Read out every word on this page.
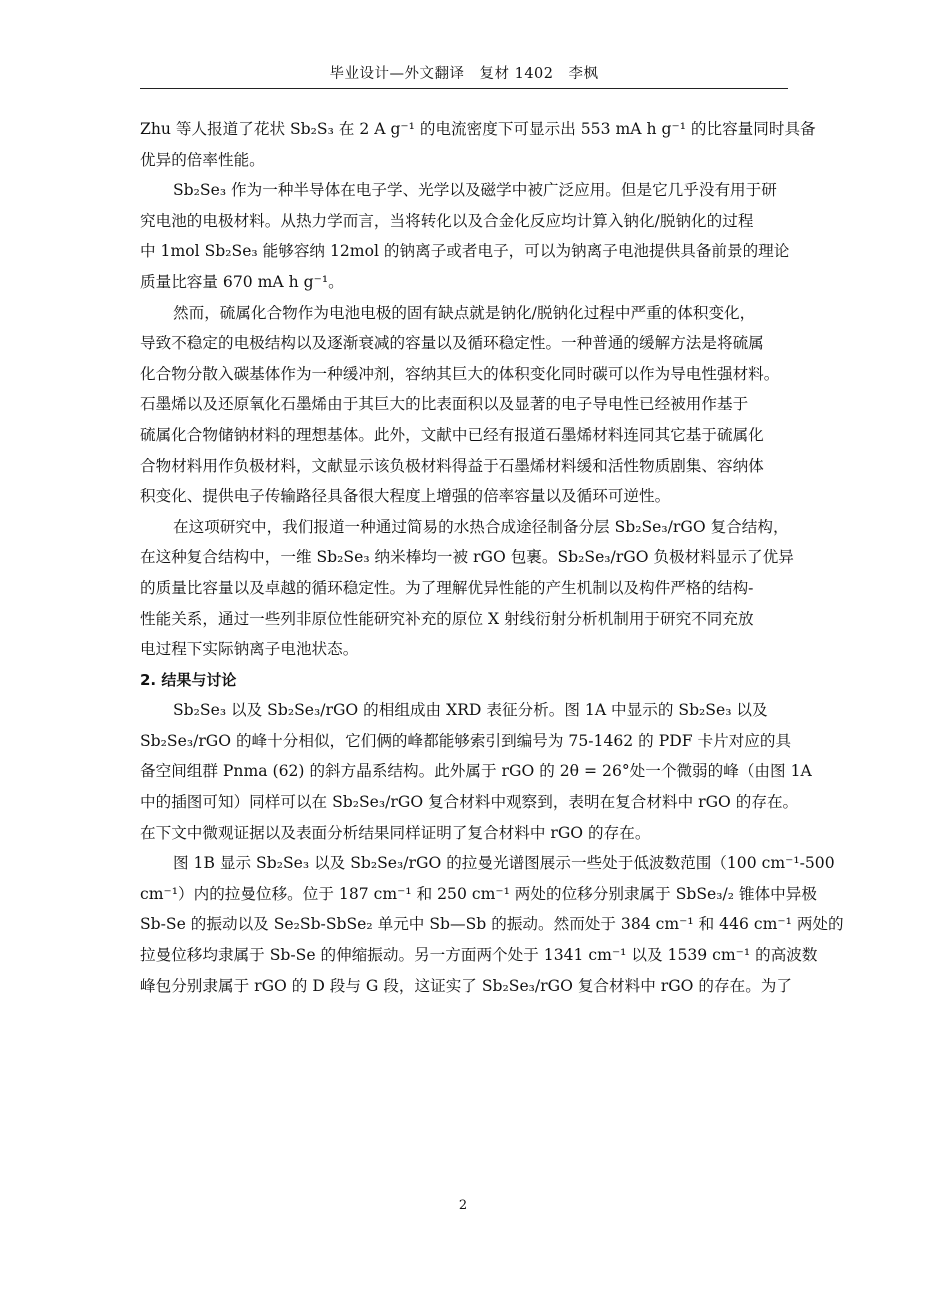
毕业设计—外文翻译　复材 1402　李枫
Zhu 等人报道了花状 Sb₂S₃ 在 2 A g⁻¹ 的电流密度下可显示出 553 mA h g⁻¹ 的比容量同时具备
优异的倍率性能。
Sb₂Se₃ 作为一种半导体在电子学、光学以及磁学中被广泛应用。但是它几乎没有用于研
究电池的电极材料。从热力学而言，当将转化以及合金化反应均计算入钠化/脱钠化的过程
中 1mol Sb₂Se₃ 能够容纳 12mol 的钠离子或者电子，可以为钠离子电池提供具备前景的理论
质量比容量 670 mA h g⁻¹。
然而，硫属化合物作为电池电极的固有缺点就是钠化/脱钠化过程中严重的体积变化，
导致不稳定的电极结构以及逐渐衰减的容量以及循环稳定性。一种普通的缓解方法是将硫属
化合物分散入碳基体作为一种缓冲剂，容纳其巨大的体积变化同时碳可以作为导电性强材料。
石墨烯以及还原氧化石墨烯由于其巨大的比表面积以及显著的电子导电性已经被用作基于
硫属化合物储钠材料的理想基体。此外，文献中已经有报道石墨烯材料连同其它基于硫属化
合物材料用作负极材料，文献显示该负极材料得益于石墨烯材料缓和活性物质剧集、容纳体
积变化、提供电子传输路径具备很大程度上增强的倍率容量以及循环可逆性。
在这项研究中，我们报道一种通过简易的水热合成途径制备分层 Sb₂Se₃/rGO 复合结构，
在这种复合结构中，一维 Sb₂Se₃ 纳米棒均一被 rGO 包裹。Sb₂Se₃/rGO 负极材料显示了优异
的质量比容量以及卓越的循环稳定性。为了理解优异性能的产生机制以及构件严格的结构-
性能关系，通过一些列非原位性能研究补充的原位 X 射线衍射分析机制用于研究不同充放
电过程下实际钠离子电池状态。
2. 结果与讨论
Sb₂Se₃ 以及 Sb₂Se₃/rGO 的相组成由 XRD 表征分析。图 1A 中显示的 Sb₂Se₃ 以及
Sb₂Se₃/rGO 的峰十分相似，它们俩的峰都能够索引到编号为 75-1462 的 PDF 卡片对应的具
备空间组群 Pnma (62) 的斜方晶系结构。此外属于 rGO 的 2θ = 26°处一个微弱的峰（由图 1A
中的插图可知）同样可以在 Sb₂Se₃/rGO 复合材料中观察到，表明在复合材料中 rGO 的存在。
在下文中微观证据以及表面分析结果同样证明了复合材料中 rGO 的存在。
图 1B 显示 Sb₂Se₃ 以及 Sb₂Se₃/rGO 的拉曼光谱图展示一些处于低波数范围（100 cm⁻¹-500
cm⁻¹）内的拉曼位移。位于 187 cm⁻¹ 和 250 cm⁻¹ 两处的位移分别隶属于 SbSe₃/₂ 锥体中异极
Sb-Se 的振动以及 Se₂Sb-SbSe₂ 单元中 Sb—Sb 的振动。然而处于 384 cm⁻¹ 和 446 cm⁻¹ 两处的
拉曼位移均隶属于 Sb-Se 的伸缩振动。另一方面两个处于 1341 cm⁻¹ 以及 1539 cm⁻¹ 的高波数
峰包分别隶属于 rGO 的 D 段与 G 段，这证实了 Sb₂Se₃/rGO 复合材料中 rGO 的存在。为了
2
